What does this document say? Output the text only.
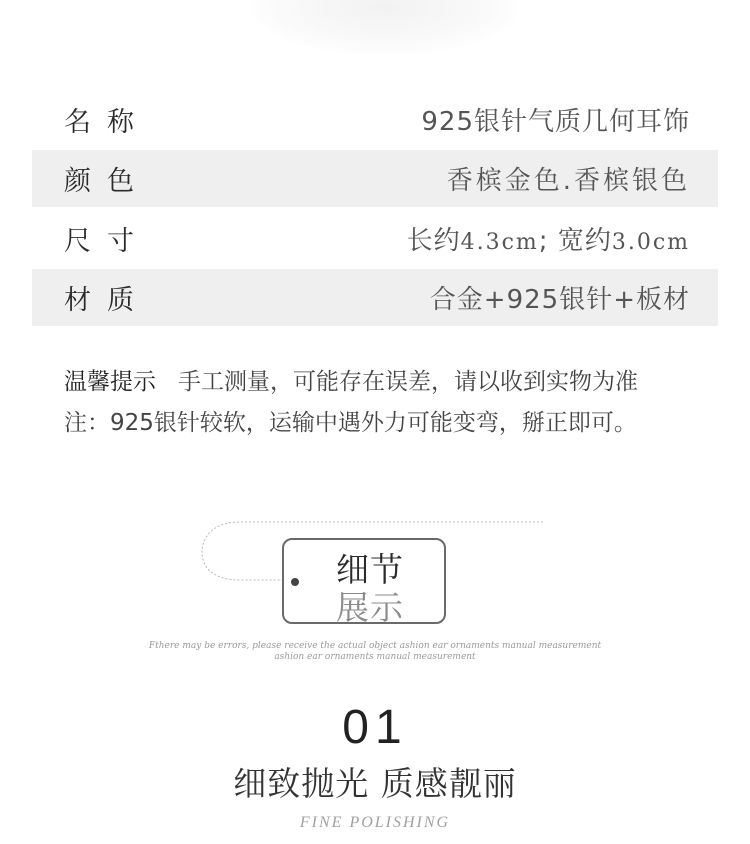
名称	925银针气质几何耳饰
颜色	香槟金色.香槟银色
尺寸	长约4.3cm; 宽约3.0cm
材质	合金+925银针+板材
温馨提示 手工测量，可能存在误差，请以收到实物为准
注：925银针较软，运输中遇外力可能变弯，掰正即可。
细节
展示
Fthere may be errors, please receive the actual object ashion ear ornaments manual measurement
ashion ear ornaments manual measurement
01
细致抛光 质感靓丽
FINE POLISHING
